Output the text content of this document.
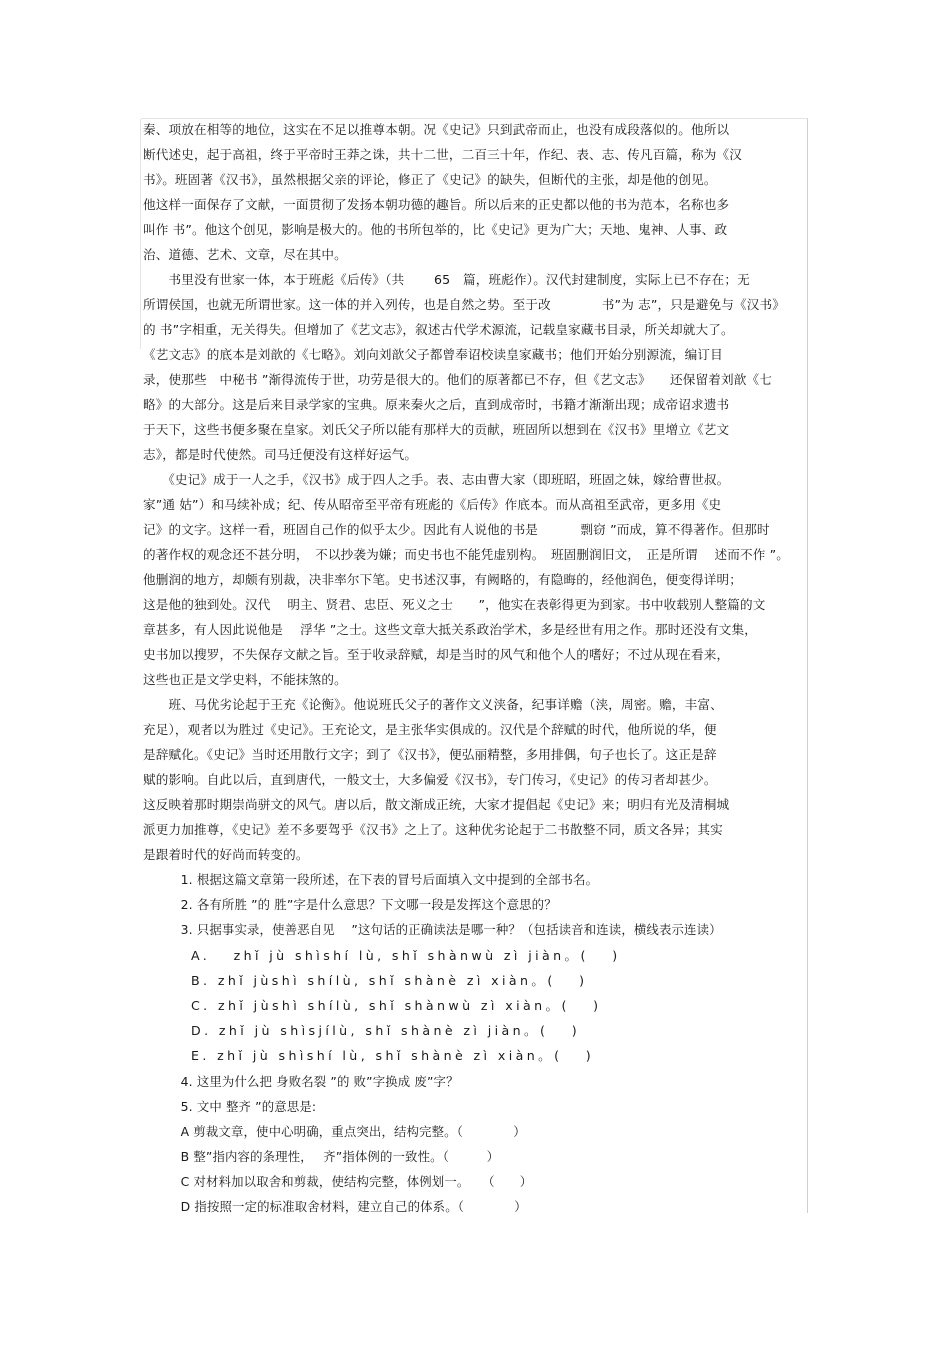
秦、项放在相等的地位，这实在不足以推尊本朝。况《史记》只到武帝而止，也没有成段落似的。他所以
断代述史，起于高祖，终于平帝时王莽之诛，共十二世，二百三十年，作纪、表、志、传凡百篇，称为《汉
书》。班固著《汉书》，虽然根据父亲的评论，修正了《史记》的缺失，但断代的主张，却是他的创见。
他这样一面保存了文献，一面贯彻了发扬本朝功德的趣旨。所以后来的正史都以他的书为范本，名称也多
叫作 书”。他这个创见，影响是极大的。他的书所包举的，比《史记》更为广大；天地、鬼神、人事、政
治、道德、艺术、文章，尽在其中。
　　书里没有世家一体，本于班彪《后传》（共　　 65　篇，班彪作）。汉代封建制度，实际上已不存在；无
所谓侯国，也就无所谓世家。这一体的并入列传，也是自然之势。至于改　　　　书”为 志”，只是避免与《汉书》
的 书”字相重，无关得失。但增加了《艺文志》，叙述古代学术源流，记载皇家藏书目录，所关却就大了。
《艺文志》的底本是刘歆的《七略》。刘向刘歆父子都曾奉诏校读皇家藏书；他们开始分别源流，编订目
录，使那些　中秘书 ”渐得流传于世，功劳是很大的。他们的原著都已不存，但《艺文志》　　还保留着刘歆《七
略》的大部分。这是后来目录学家的宝典。原来秦火之后，直到成帝时，书籍才渐渐出现；成帝诏求遗书
于天下，这些书便多聚在皇家。刘氏父子所以能有那样大的贡献，班固所以想到在《汉书》里增立《艺文
志》，都是时代使然。司马迁便没有这样好运气。
　　《史记》成于一人之手，《汉书》成于四人之手。表、志由曹大家（即班昭，班固之妹，嫁给曹世叔。
家”通 姑”）和马续补成；纪、传从昭帝至平帝有班彪的《后传》作底本。而从高祖至武帝，更多用《史
记》的文字。这样一看，班固自己作的似乎太少。因此有人说他的书是　　　 剽窃 ”而成，算不得著作。但那时
的著作权的观念还不甚分明，　不以抄袭为嫌；而史书也不能凭虚别构。　班固删润旧文，　正是所谓　 述而不作 ”。
他删润的地方，却颇有别裁，决非率尔下笔。史书述汉事，有阙略的，有隐晦的，经他润色，便变得详明；
这是他的独到处。汉代　 明主、贤君、忠臣、死义之士　　”，他实在表彰得更为到家。书中收载别人整篇的文
章甚多，有人因此说他是　 浮华 ”之士。这些文章大抵关系政治学术，多是经世有用之作。那时还没有文集，
史书加以搜罗，不失保存文献之旨。至于收录辞赋，却是当时的风气和他个人的嗜好；不过从现在看来，
这些也正是文学史料，不能抹煞的。
　　班、马优劣论起于王充《论衡》。他说班氏父子的著作文义浃备，纪事详赡（浃，周密。赡，丰富、
充足），观者以为胜过《史记》。王充论文，是主张华实俱成的。汉代是个辞赋的时代，他所说的华，便
是辞赋化。《史记》当时还用散行文字；到了《汉书》，便弘丽精整，多用排偶，句子也长了。这正是辞
赋的影响。自此以后，直到唐代，一般文士，大多偏爱《汉书》，专门传习，《史记》的传习者却甚少。
这反映着那时期崇尚骈文的风气。唐以后，散文渐成正统，大家才提倡起《史记》来；明归有光及清桐城
派更力加推尊，《史记》差不多要驾乎《汉书》之上了。这种优劣论起于二书散整不同，质文各异；其实
是跟着时代的好尚而转变的。
　　　1. 根据这篇文章第一段所述，在下表的冒号后面填入文中提到的全部书名。
　　　2. 各有所胜 ”的 胜”字是什么意思？下文哪一段是发挥这个意思的？
　　　3. 只据事实录，使善恶自见　 ”这句话的正确读法是哪一种？（包括读音和连读，横线表示连读）
　　　A.　 zhǐ jù shìshí lù, shǐ shànwù zì jiàn。(　 )
　　　B. zhǐ jùshì shílù, shǐ shànè zì xiàn。(　 )
　　　C. zhǐ jùshì shílù, shǐ shànwù zì xiàn。(　 )
　　　D. zhǐ jù shìsjílù, shǐ shànè zì jiàn。(　 )
　　　E. zhǐ jù shìshí lù, shǐ shànè zì xiàn。(　 )
　　　4. 这里为什么把 身败名裂 ”的 败”字换成 废”字？
　　　5. 文中 整齐 ”的意思是:
　　　A 剪裁文章，使中心明确，重点突出，结构完整。（　　　　）
　　　B 整”指内容的条理性，　 齐”指体例的一致性。（　　　）
　　　C 对材料加以取舍和剪裁，使结构完整，体例划一。　　（　　）
　　　D 指按照一定的标准取舍材料，建立自己的体系。（　　　　）
